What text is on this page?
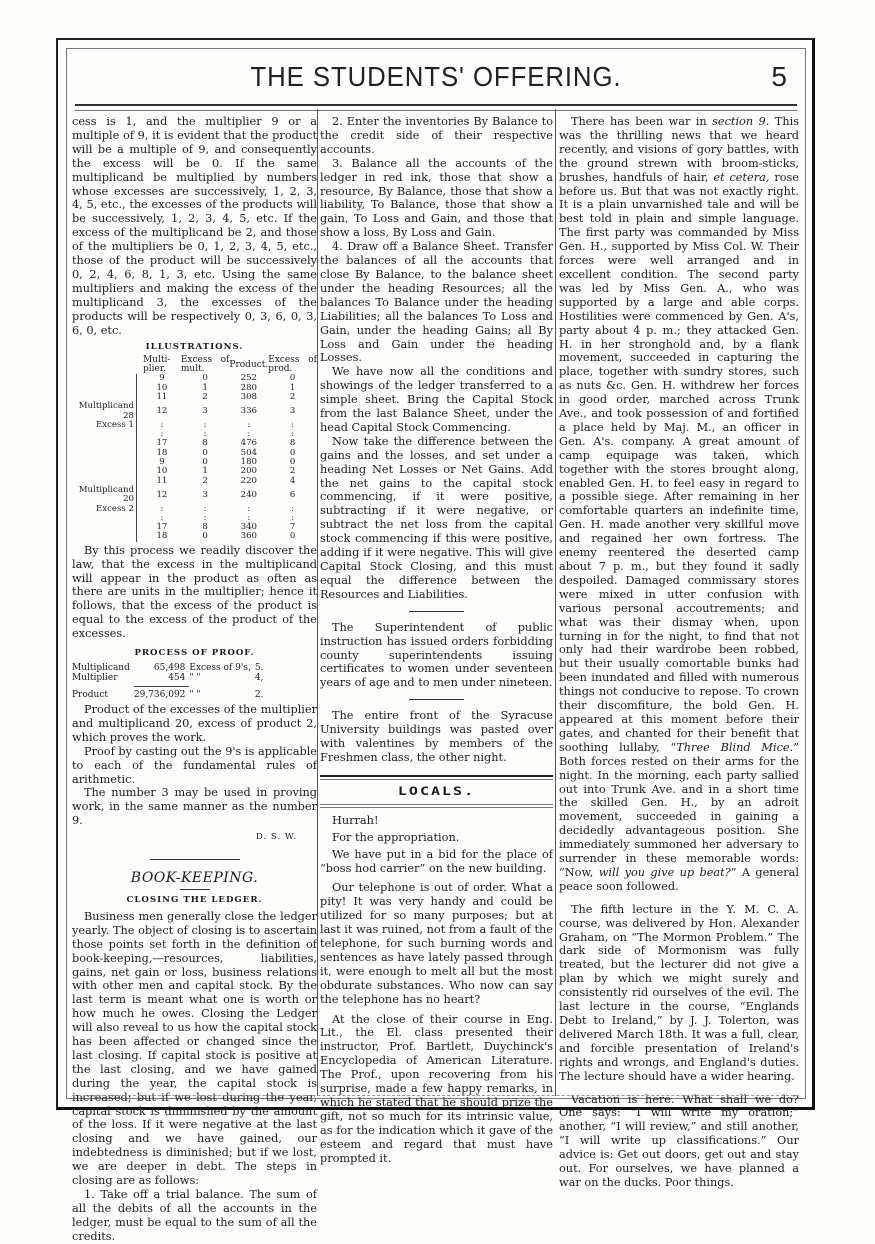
THE STUDENTS' OFFERING.	5

cess is 1, and the multiplier 9 or a multiple of 9, it is evident that the product will be a multiple of 9, and consequently the excess will be 0. If the same multiplicand be multiplied by numbers whose excesses are successively, 1, 2, 3, 4, 5, etc., the excesses of the products will be successively, 1, 2, 3, 4, 5, etc. If the excess of the multiplicand be 2, and those of the multipliers be 0, 1, 2, 3, 4, 5, etc., those of the product will be successively 0, 2, 4, 6, 8, 1, 3, etc. Using the same multipliers and making the excess of the multiplicand 3, the excesses of the products will be respectively 0, 3, 6, 0, 3, 6, 0, etc.

ILLUSTRATIONS.

		Multi-plier.	Excess of mult.	Product.	Excess of prod.
		9	0	252	0
		10	1	280	1
		11	2	308	2
Multiplicand 28		12	3	336	3
Excess 1		:	:	:	:
		:	:	:	:
		17	8	476	8
		18	0	504	0
		9	0	180	0
		10	1	200	2
		11	2	220	4
Multiplicand 20		12	3	240	6
Excess 2		:	:	:	:
		:	:	:	:
		17	8	340	7
		18	0	360	0

By this process we readily discover the law, that the excess in the multiplicand will appear in the product as often as there are units in the multiplier; hence it follows, that the excess of the product is equal to the excess of the product of the excesses.

PROCESS OF PROOF.

Multiplicand	65,498	Excess of 9's,	5.
Multiplier	454	" "	4,

Product	29,736,092	" "	2.

Product of the excesses of the multiplier and multiplicand 20, excess of product 2, which proves the work.

Proof by casting out the 9's is applicable to each of the fundamental rules of arithmetic.

The number 3 may be used in proving work, in the same manner as the number 9.

D. S. W.

BOOK-KEEPING.

CLOSING THE LEDGER.

Business men generally close the ledger yearly. The object of closing is to ascertain those points set forth in the definition of book-keeping,—resources, liabilities, gains, net gain or loss, business relations with other men and capital stock. By the last term is meant what one is worth or how much he owes. Closing the Ledger will also reveal to us how the capital stock has been affected or changed since the last closing. If capital stock is positive at the last closing, and we have gained during the year, the capital stock is increased; but if we lost during the year, capital stock is diminished by the amount of the loss. If it were negative at the last closing and we have gained, our indebtedness is diminished; but if we lost, we are deeper in debt. The steps in closing are as follows:

1. Take off a trial balance. The sum of all the debits of all the accounts in the ledger, must be equal to the sum of all the credits.

2. Enter the inventories By Balance to the credit side of their respective accounts.

3. Balance all the accounts of the ledger in red ink, those that show a resource, By Balance, those that show a liability, To Balance, those that show a gain, To Loss and Gain, and those that show a loss, By Loss and Gain.

4. Draw off a Balance Sheet. Transfer the balances of all the accounts that close By Balance, to the balance sheet under the heading Resources; all the balances To Balance under the heading Liabilities; all the balances To Loss and Gain, under the heading Gains; all By Loss and Gain under the heading Losses.

We have now all the conditions and showings of the ledger transferred to a simple sheet. Bring the Capital Stock from the last Balance Sheet, under the head Capital Stock Commencing.

Now take the difference between the gains and the losses, and set under a heading Net Losses or Net Gains. Add the net gains to the capital stock commencing, if it were positive, subtracting if it were negative, or subtract the net loss from the capital stock commencing if this were positive, adding if it were negative. This will give Capital Stock Closing, and this must equal the difference between the Resources and Liabilities.

The Superintendent of public instruction has issued orders forbidding county superintendents issuing certificates to women under seventeen years of age and to men under nineteen.

The entire front of the Syracuse University buildings was pasted over with valentines by members of the Freshmen class, the other night.

LOCALS.

Hurrah!

For the appropriation.

We have put in a bid for the place of “boss hod carrier” on the new building.

Our telephone is out of order. What a pity! It was very handy and could be utilized for so many purposes; but at last it was ruined, not from a fault of the telephone, for such burning words and sentences as have lately passed through it, were enough to melt all but the most obdurate substances. Who now can say the telephone has no heart?

At the close of their course in Eng. Lit., the El. class presented their instructor, Prof. Bartlett, Duychinck's Encyclopedia of American Literature. The Prof., upon recovering from his surprise, made a few happy remarks, in which he stated that he should prize the gift, not so much for its intrinsic value, as for the indication which it gave of the esteem and regard that must have prompted it.

There has been war in section 9. This was the thrilling news that we heard recently, and visions of gory battles, with the ground strewn with broom-sticks, brushes, handfuls of hair, et cetera, rose before us. But that was not exactly right. It is a plain unvarnished tale and will be best told in plain and simple language. The first party was commanded by Miss Gen. H., supported by Miss Col. W. Their forces were well arranged and in excellent condition. The second party was led by Miss Gen. A., who was supported by a large and able corps. Hostilities were commenced by Gen. A's, party about 4 p. m.; they attacked Gen. H. in her stronghold and, by a flank movement, succeeded in capturing the place, together with sundry stores, such as nuts &c. Gen. H. withdrew her forces in good order, marched across Trunk Ave., and took possession of and fortified a place held by Maj. M., an officer in Gen. A's. company. A great amount of camp equipage was taken, which together with the stores brought along, enabled Gen. H. to feel easy in regard to a possible siege. After remaining in her comfortable quarters an indefinite time, Gen. H. made another very skillful move and regained her own fortress. The enemy reentered the deserted camp about 7 p. m., but they found it sadly despoiled. Damaged commissary stores were mixed in utter confusion with various personal accoutrements; and what was their dismay when, upon turning in for the night, to find that not only had their wardrobe been robbed, but their usually comortable bunks had been inundated and filled with numerous things not conducive to repose. To crown their discomfiture, the bold Gen. H. appeared at this moment before their gates, and chanted for their benefit that soothing lullaby, “Three Blind Mice.” Both forces rested on their arms for the night. In the morning, each party sallied out into Trunk Ave. and in a short time the skilled Gen. H., by an adroit movement, succeeded in gaining a decidedly advantageous position. She immediately summoned her adversary to surrender in these memorable words: “Now, will you give up beat?” A general peace soon followed.

The fifth lecture in the Y. M. C. A. course, was delivered by Hon. Alexander Graham, on “The Mormon Problem.” The dark side of Mormonism was fully treated, but the lecturer did not give a plan by which we might surely and consistently rid ourselves of the evil. The last lecture in the course, “Englands Debt to Ireland,” by J. J. Tolerton, was delivered March 18th. It was a full, clear, and forcible presentation of Ireland's rights and wrongs, and England's duties. The lecture should have a wider hearing.

Vacation is here. What shall we do? One says: “I will write my oration;” another, “I will review,” and still another, “I will write up classifications.” Our advice is: Get out doors, get out and stay out. For ourselves, we have planned a war on the ducks. Poor things.
